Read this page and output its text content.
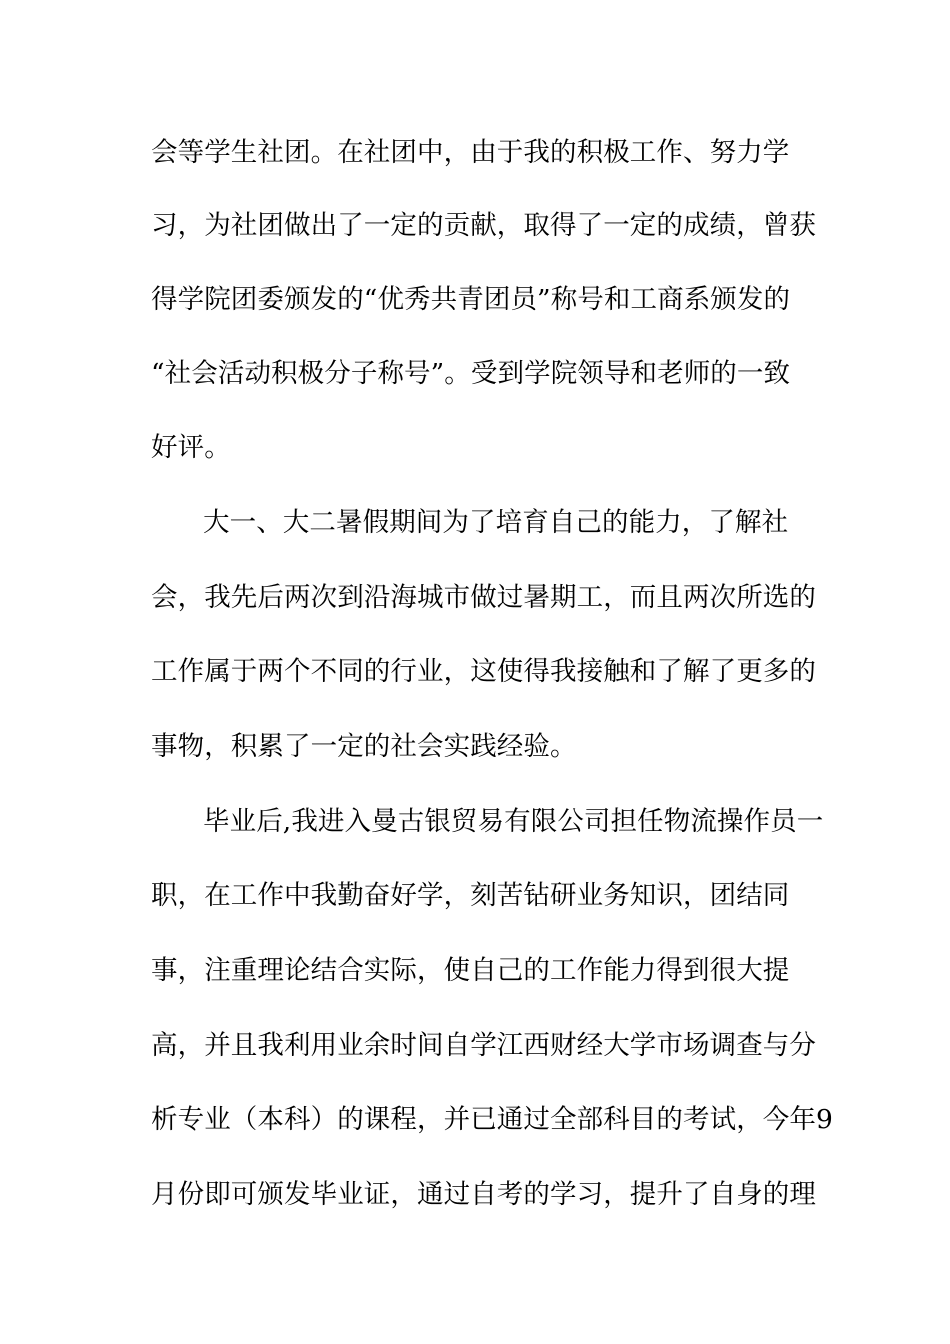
会等学生社团。在社团中，由于我的积极工作、努力学
习，为社团做出了一定的贡献，取得了一定的成绩，曾获
得学院团委颁发的“优秀共青团员”称号和工商系颁发的
“社会活动积极分子称号”。受到学院领导和老师的一致
好评。
大一、大二暑假期间为了培育自己的能力，了解社
会，我先后两次到沿海城市做过暑期工，而且两次所选的
工作属于两个不同的行业，这使得我接触和了解了更多的
事物，积累了一定的社会实践经验。
毕业后,我进入曼古银贸易有限公司担任物流操作员一
职，在工作中我勤奋好学，刻苦钻研业务知识，团结同
事，注重理论结合实际，使自己的工作能力得到很大提
高，并且我利用业余时间自学江西财经大学市场调查与分
析专业（本科）的课程，并已通过全部科目的考试，今年9
月份即可颁发毕业证，通过自考的学习，提升了自身的理
